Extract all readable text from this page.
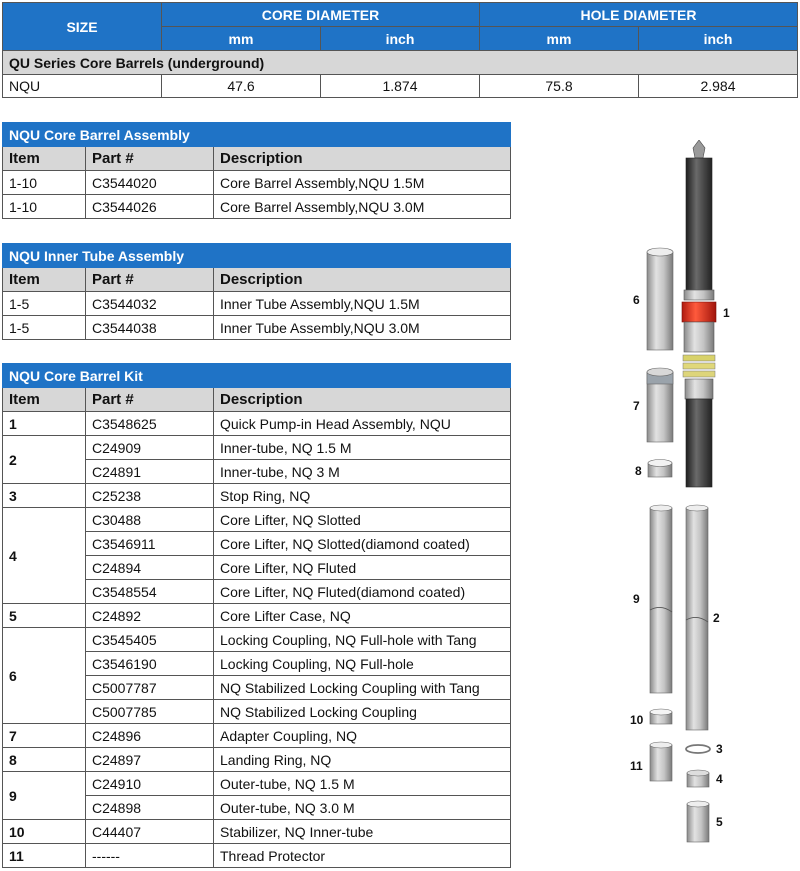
SIZE	CORE DIAMETER		HOLE DIAMETER	
	mm	inch	mm	inch
QU Series Core Barrels (underground)				
NQU	47.6	1.874	75.8	2.984
NQU Core Barrel Assembly		
Item	Part #	Description
1-10	C3544020	Core Barrel Assembly,NQU 1.5M
1-10	C3544026	Core Barrel Assembly,NQU 3.0M
NQU Inner Tube Assembly		
Item	Part #	Description
1-5	C3544032	Inner Tube Assembly,NQU 1.5M
1-5	C3544038	Inner Tube Assembly,NQU 3.0M
NQU Core Barrel Kit		
Item	Part #	Description
1	C3548625	Quick Pump-in Head Assembly, NQU
2	C24909	Inner-tube, NQ 1.5 M
	C24891	Inner-tube, NQ 3 M
3	C25238	Stop Ring, NQ
4	C30488	Core Lifter, NQ Slotted
	C3546911	Core Lifter, NQ Slotted(diamond coated)
	C24894	Core Lifter, NQ Fluted
	C3548554	Core Lifter, NQ Fluted(diamond coated)
5	C24892	Core Lifter Case, NQ
6	C3545405	Locking Coupling, NQ Full-hole with Tang
	C3546190	Locking Coupling, NQ Full-hole
	C5007787	NQ Stabilized Locking Coupling with Tang
	C5007785	NQ Stabilized Locking Coupling
7	C24896	Adapter Coupling, NQ
8	C24897	Landing Ring, NQ
9	C24910	Outer-tube, NQ 1.5 M
	C24898	Outer-tube, NQ 3.0 M
10	C44407	Stabilizer, NQ Inner-tube
11	------	Thread Protector
6
1
7
8
9
2
10
3
11
4
5
